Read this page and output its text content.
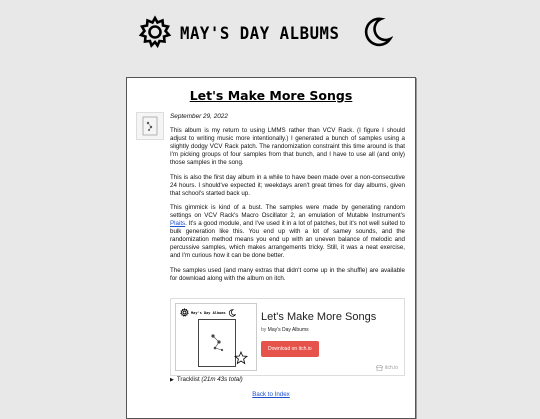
MAY'S DAY ALBUMS
Let's Make More Songs

September 29, 2022

This album is my return to using LMMS rather than VCV Rack. (I figure I should adjust to writing music more intentionally.) I generated a bunch of samples using a slightly dodgy VCV Rack patch. The randomization constraint this time around is that I'm picking groups of four samples from that bunch, and I have to use all (and only) those samples in the song.

This is also the first day album in a while to have been made over a non-consecutive 24 hours. I should've expected it; weekdays aren't great times for day albums, given that school's started back up.

This gimmick is kind of a bust. The samples were made by generating random settings on VCV Rack's Macro Oscillator 2, an emulation of Mutable Instrument's Plaits. It's a good module, and I've used it in a lot of patches, but it's not well suited to bulk generation like this. You end up with a lot of samey sounds, and the randomization method means you end up with an uneven balance of melodic and percussive samples, which makes arrangements tricky. Still, it was a neat exercise, and I'm curious how it can be done better.

The samples used (and many extras that didn't come up in the shuffle) are available for download along with the album on itch.

May's Day Albums	Let's Make More Songs
by May's Day Albums
Download on itch.io
itch.io
▶ Tracklist (21m 43s total)
Back to Index
